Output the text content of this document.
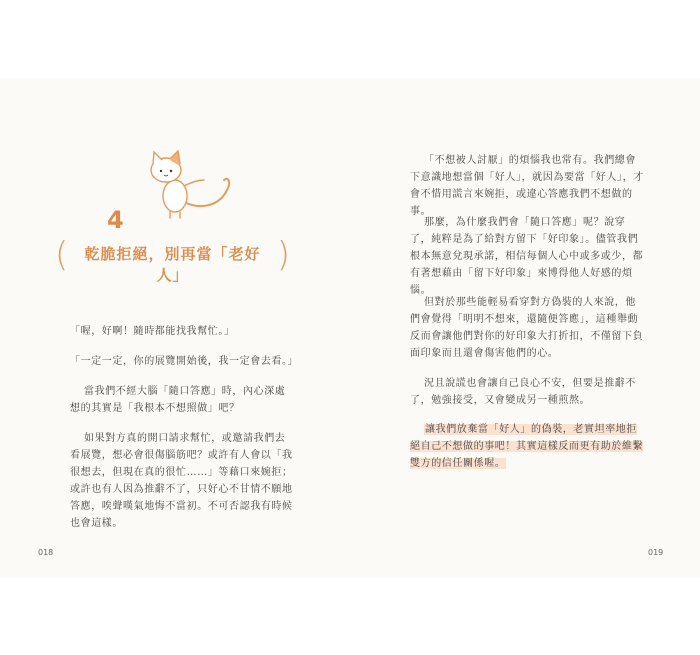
4
(	乾脆拒絕，別再當「老好人」	)

「喔，好啊！隨時都能找我幫忙。」

「一定一定，你的展覽開始後，我一定會去看。」

當我們不經大腦「隨口答應」時，內心深處想的其實是「我根本不想照做」吧？

如果對方真的開口請求幫忙，或邀請我們去看展覽，想必會很傷腦筋吧？或許有人會以「我很想去，但現在真的很忙……」等藉口來婉拒；或許也有人因為推辭不了，只好心不甘情不願地答應，唉聲嘆氣地悔不當初。不可否認我有時候也會這樣。

018

「不想被人討厭」的煩惱我也常有。我們總會下意識地想當個「好人」，就因為要當「好人」，才會不惜用謊言來婉拒，或違心答應我們不想做的事。

那麼，為什麼我們會「隨口答應」呢？說穿了，純粹是為了給對方留下「好印象」。儘管我們根本無意兌現承諾，相信每個人心中或多或少，都有著想藉由「留下好印象」來博得他人好感的煩惱。

但對於那些能輕易看穿對方偽裝的人來說，他們會覺得「明明不想來，還隨便答應」，這種舉動反而會讓他們對你的好印象大打折扣，不僅留下負面印象而且還會傷害他們的心。

況且說謊也會讓自己良心不安，但要是推辭不了，勉強接受，又會變成另一種煎熬。

讓我們放棄當「好人」的偽裝，老實坦率地拒絕自己不想做的事吧！其實這樣反而更有助於維繫雙方的信任關係喔。

019
